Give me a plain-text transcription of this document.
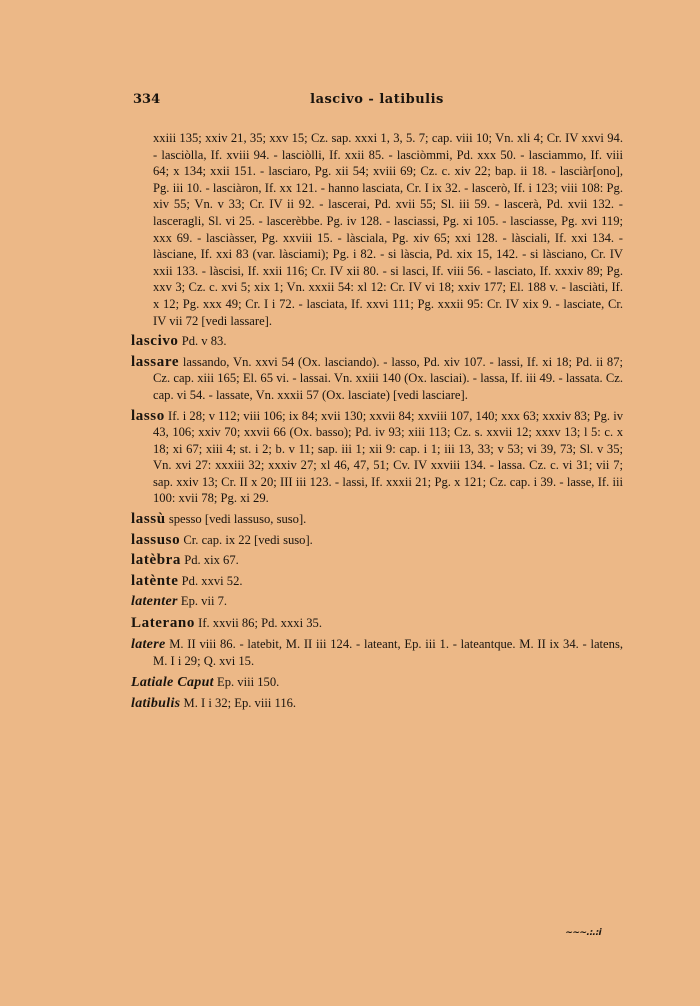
334	lascivo - latibulis

xxiii 135; xxiv 21, 35; xxv 15; Cz. sap. xxxi 1, 3, 5. 7; cap. viii 10; Vn. xli 4; Cr. IV xxvi 94. - lasciòlla, If. xviii 94. - lasciòlli, If. xxii 85. - lasciòmmi, Pd. xxx 50. - lasciammo, If. viii 64; x 134; xxii 151. - lasciaro, Pg. xii 54; xviii 69; Cz. c. xiv 22; bap. ii 18. - lasciàr[ono], Pg. iii 10. - lasciàron, If. xx 121. - hanno lasciata, Cr. I ix 32. - lascerò, If. i 123; viii 108: Pg. xiv 55; Vn. v 33; Cr. IV ii 92. - lascerai, Pd. xvii 55; Sl. iii 59. - lascerà, Pd. xvii 132. - lasceragli, Sl. vi 25. - lascerèbbe. Pg. iv 128. - lasciassi, Pg. xi 105. - lasciasse, Pg. xvi 119; xxx 69. - lasciàsser, Pg. xxviii 15. - làsciala, Pg. xiv 65; xxi 128. - làsciali, If. xxi 134. - làsciane, If. xxi 83 (var. làsciami); Pg. i 82. - si làscia, Pd. xix 15, 142. - si làsciano, Cr. IV xxii 133. - làscisi, If. xxii 116; Cr. IV xii 80. - si lasci, If. viii 56. - lasciato, If. xxxiv 89; Pg. xxv 3; Cz. c. xvi 5; xix 1; Vn. xxxii 54: xl 12: Cr. IV vi 18; xxiv 177; El. 188 v. - lasciàti, If. x 12; Pg. xxx 49; Cr. I i 72. - lasciata, If. xxvi 111; Pg. xxxii 95: Cr. IV xix 9. - lasciate, Cr. IV vii 72 [vedi lassare].

lascivo Pd. v 83.

lassare lassando, Vn. xxvi 54 (Ox. lasciando). - lasso, Pd. xiv 107. - lassi, If. xi 18; Pd. ii 87; Cz. cap. xiii 165; El. 65 vi. - lassai. Vn. xxiii 140 (Ox. lasciai). - lassa, If. iii 49. - lassata. Cz. cap. vi 54. - lassate, Vn. xxxii 57 (Ox. lasciate) [vedi lasciare].

lasso If. i 28; v 112; viii 106; ix 84; xvii 130; xxvii 84; xxviii 107, 140; xxx 63; xxxiv 83; Pg. iv 43, 106; xxiv 70; xxvii 66 (Ox. basso); Pd. iv 93; xiii 113; Cz. s. xxvii 12; xxxv 13; l 5: c. x 18; xi 67; xiii 4; st. i 2; b. v 11; sap. iii 1; xii 9: cap. i 1; iii 13, 33; v 53; vi 39, 73; Sl. v 35; Vn. xvi 27: xxxiii 32; xxxiv 27; xl 46, 47, 51; Cv. IV xxviii 134. - lassa. Cz. c. vi 31; vii 7; sap. xxiv 13; Cr. II x 20; III iii 123. - lassi, If. xxxii 21; Pg. x 121; Cz. cap. i 39. - lasse, If. iii 100: xvii 78; Pg. xi 29.

lassù spesso [vedi lassuso, suso].

lassuso Cr. cap. ix 22 [vedi suso].

latèbra Pd. xix 67.

latènte Pd. xxvi 52.

latenter Ep. vii 7.

Laterano If. xxvii 86; Pd. xxxi 35.

latere M. II viii 86. - latebit, M. II iii 124. - lateant, Ep. iii 1. - lateantque. M. II ix 34. - latens, M. I i 29; Q. xvi 15.

Latiale Caput Ep. viii 150.

latibulis M. I i 32; Ep. viii 116.

~~~.:.:i
